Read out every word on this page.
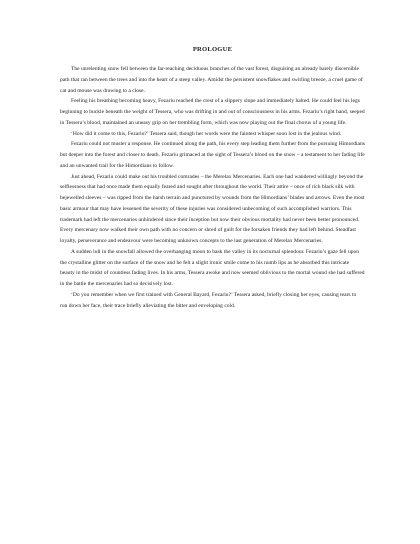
PROLOGUE

The unrelenting snow fell between the far-reaching deciduous branches of the vast forest, disguising an already barely discernible path that ran between the trees and into the heart of a steep valley. Amidst the persistent snowflakes and swirling breeze, a cruel game of cat and mouse was drawing to a close.

Feeling his breathing becoming heavy, Fezariu reached the crest of a slippery slope and immediately halted. He could feel his legs beginning to buckle beneath the weight of Tessera, who was drifting in and out of consciousness in his arms. Fezariu’s right hand, seeped in Tessera’s blood, maintained an uneasy grip on her trembling form, which was now playing out the final chorus of a young life.

‘How did it come to this, Fezariu?’ Tessera said, though her words were the faintest whisper soon lost in the jealous wind.

Fezariu could not muster a response. He continued along the path, his every step leading them further from the pursuing Himordians but deeper into the forest and closer to death. Fezariu grimaced at the sight of Tessera’s blood on the snow – a testament to her fading life and an unwanted trail for the Himordians to follow.

Just ahead, Fezariu could make out his troubled comrades – the Merelax Mercenaries. Each one had wandered willingly beyond the selflessness that had once made them equally feared and sought after throughout the world. Their attire – once of rich black silk with bejewelled sleeves – was ripped from the harsh terrain and punctured by wounds from the Himordians’ blades and arrows. Even the most basic armour that may have lessened the severity of these injuries was considered unbecoming of such accomplished warriors. This trademark had left the mercenaries unhindered since their inception but now their obvious mortality had never been better pronounced. Every mercenary now walked their own path with no concern or shred of guilt for the forsaken friends they had left behind. Steadfast loyalty, perseverance and endeavour were becoming unknown concepts to the last generation of Merelax Mercenaries.

A sudden lull in the snowfall allowed the overhanging moon to bask the valley in its nocturnal splendour. Fezariu’s gaze fell upon the crystalline glitter on the surface of the snow and he felt a slight ironic smile come to his numb lips as he absorbed this intricate beauty in the midst of countless fading lives. In his arms, Tessera awoke and now seemed oblivious to the mortal wound she had suffered in the battle the mercenaries had so decisively lost.

‘Do you remember when we first trained with General Bayard, Fezariu?’ Tessera asked, briefly closing her eyes, causing tears to run down her face, their trace briefly alleviating the bitter and enveloping cold.
